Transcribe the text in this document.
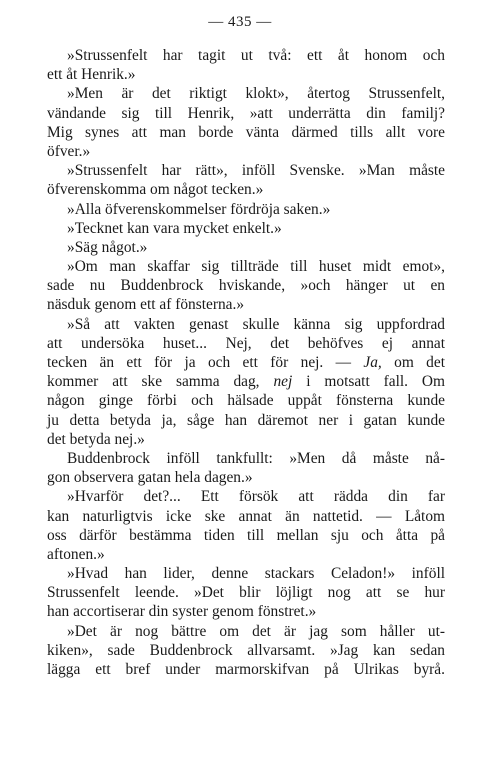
— 435 —
»Strussenfelt har tagit ut två: ett åt honom och
ett åt Henrik.»
»Men är det riktigt klokt», återtog Strussenfelt,
vändande sig till Henrik, »att underrätta din familj?
Mig synes att man borde vänta därmed tills allt vore
öfver.»
»Strussenfelt har rätt», inföll Svenske. »Man måste
öfverenskomma om något tecken.»
»Alla öfverenskommelser fördröja saken.»
»Tecknet kan vara mycket enkelt.»
»Säg något.»
»Om man skaffar sig tillträde till huset midt emot»,
sade nu Buddenbrock hviskande, »och hänger ut en
näsduk genom ett af fönsterna.»
»Så att vakten genast skulle känna sig uppfordrad
att undersöka huset... Nej, det behöfves ej annat
tecken än ett för ja och ett för nej. — Ja, om det
kommer att ske samma dag, nej i motsatt fall. Om
någon ginge förbi och hälsade uppåt fönsterna kunde
ju detta betyda ja, såge han däremot ner i gatan kunde
det betyda nej.»
Buddenbrock inföll tankfullt: »Men då måste nå-
gon observera gatan hela dagen.»
»Hvarför det?... Ett försök att rädda din far
kan naturligtvis icke ske annat än nattetid. — Låtom
oss därför bestämma tiden till mellan sju och åtta på
aftonen.»
»Hvad han lider, denne stackars Celadon!» inföll
Strussenfelt leende. »Det blir löjligt nog att se hur
han accortiserar din syster genom fönstret.»
»Det är nog bättre om det är jag som håller ut-
kiken», sade Buddenbrock allvarsamt. »Jag kan sedan
lägga ett bref under marmorskifvan på Ulrikas byrå.
